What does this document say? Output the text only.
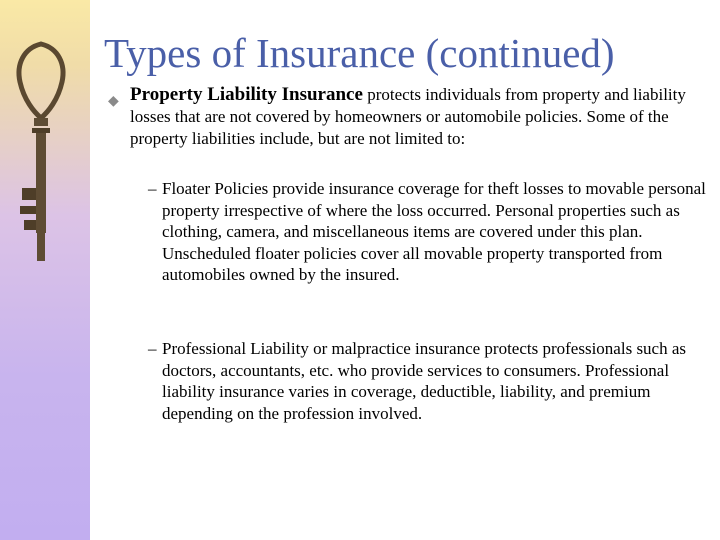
Types of Insurance (continued)
◆ Property Liability Insurance protects individuals from property and liability losses that are not covered by homeowners or automobile policies. Some of the property liabilities include, but are not limited to:
– Floater Policies provide insurance coverage for theft losses to movable personal property irrespective of where the loss occurred. Personal properties such as clothing, camera, and miscellaneous items are covered under this plan. Unscheduled floater policies cover all movable property transported from automobiles owned by the insured.
– Professional Liability or malpractice insurance protects professionals such as doctors, accountants, etc. who provide services to consumers. Professional liability insurance varies in coverage, deductible, liability, and premium depending on the profession involved.
